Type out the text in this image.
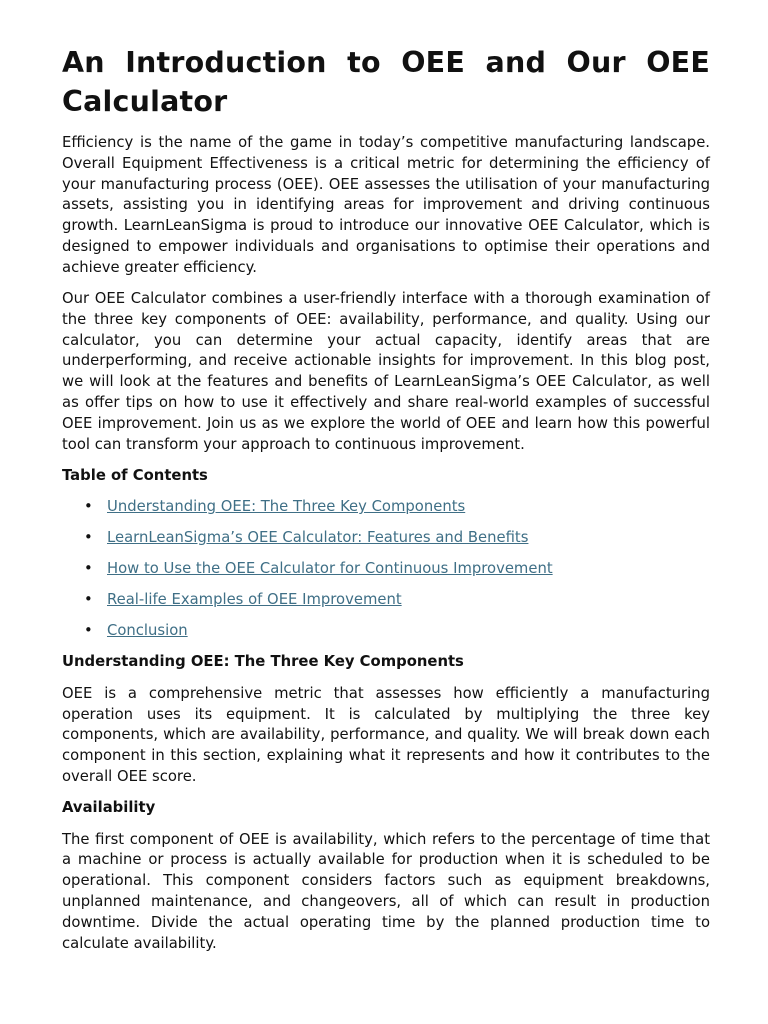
An Introduction to OEE and Our OEE Calculator

Efficiency is the name of the game in today’s competitive manufacturing landscape. Overall Equipment Effectiveness is a critical metric for determining the efficiency of your manufacturing process (OEE). OEE assesses the utilisation of your manufacturing assets, assisting you in identifying areas for improvement and driving continuous growth. LearnLeanSigma is proud to introduce our innovative OEE Calculator, which is designed to empower individuals and organisations to optimise their operations and achieve greater efficiency.

Our OEE Calculator combines a user-friendly interface with a thorough examination of the three key components of OEE: availability, performance, and quality. Using our calculator, you can determine your actual capacity, identify areas that are underperforming, and receive actionable insights for improvement. In this blog post, we will look at the features and benefits of LearnLeanSigma’s OEE Calculator, as well as offer tips on how to use it effectively and share real-world examples of successful OEE improvement. Join us as we explore the world of OEE and learn how this powerful tool can transform your approach to continuous improvement.

Table of Contents
• Understanding OEE: The Three Key Components
• LearnLeanSigma’s OEE Calculator: Features and Benefits
• How to Use the OEE Calculator for Continuous Improvement
• Real-life Examples of OEE Improvement
• Conclusion
Understanding OEE: The Three Key Components

OEE is a comprehensive metric that assesses how efficiently a manufacturing operation uses its equipment. It is calculated by multiplying the three key components, which are availability, performance, and quality. We will break down each component in this section, explaining what it represents and how it contributes to the overall OEE score.

Availability

The first component of OEE is availability, which refers to the percentage of time that a machine or process is actually available for production when it is scheduled to be operational. This component considers factors such as equipment breakdowns, unplanned maintenance, and changeovers, all of which can result in production downtime. Divide the actual operating time by the planned production time to calculate availability.
